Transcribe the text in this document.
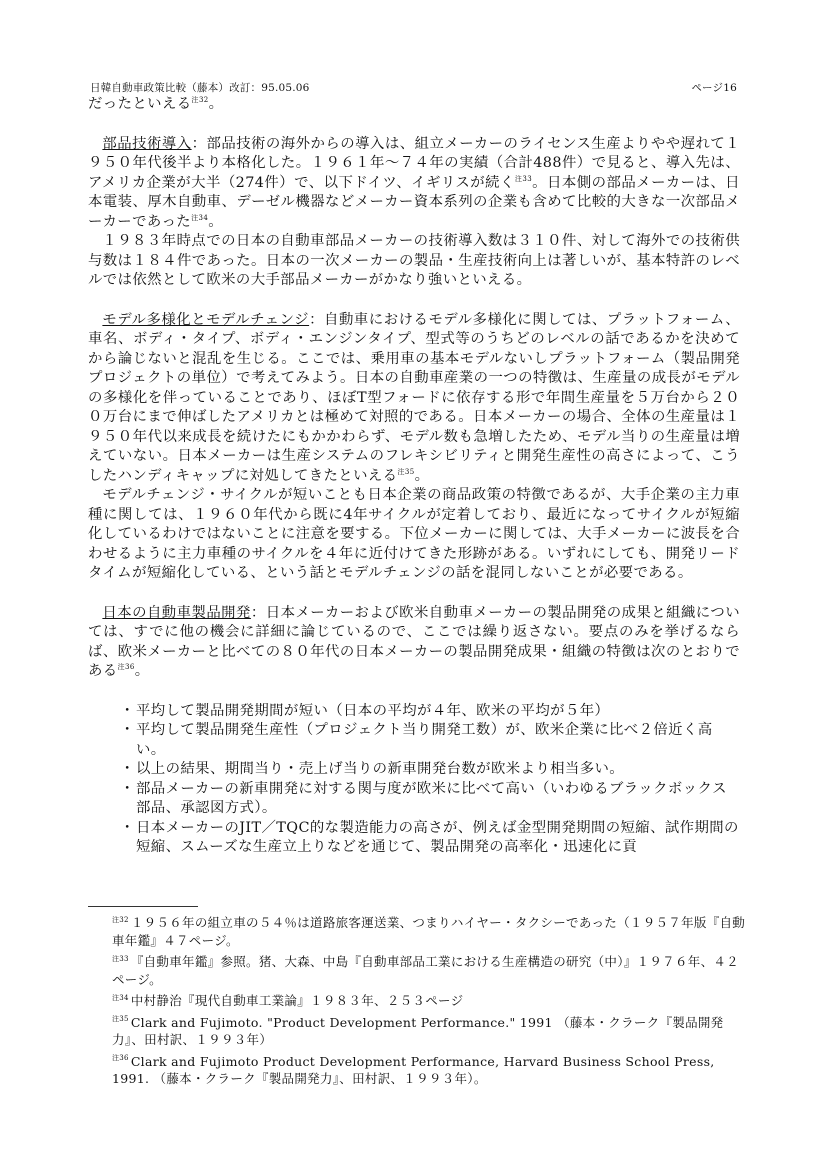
日韓自動車政策比較（藤本）改訂：95.05.06	ページ16

だったといえる$^{注32}$。

部品技術導入：部品技術の海外からの導入は、組立メーカーのライセンス生産よりやや遅れて１９５０年代後半より本格化した。１９６１年〜７４年の実績（合計488件）で見ると、導入先は、アメリカ企業が大半（274件）で、以下ドイツ、イギリスが続く$^{注33}$。日本側の部品メーカーは、日本電装、厚木自動車、デーゼル機器などメーカー資本系列の企業も含めて比較的大きな一次部品メーカーであった$^{注34}$。

１９８３年時点での日本の自動車部品メーカーの技術導入数は３１０件、対して海外での技術供与数は１８４件であった。日本の一次メーカーの製品・生産技術向上は著しいが、基本特許のレベルでは依然として欧米の大手部品メーカーがかなり強いといえる。

モデル多様化とモデルチェンジ：自動車におけるモデル多様化に関しては、プラットフォーム、車名、ボディ・タイプ、ボディ・エンジンタイプ、型式等のうちどのレベルの話であるかを決めてから論じないと混乱を生じる。ここでは、乗用車の基本モデルないしプラットフォーム（製品開発プロジェクトの単位）で考えてみよう。日本の自動車産業の一つの特徴は、生産量の成長がモデルの多様化を伴っていることであり、ほぼT型フォードに依存する形で年間生産量を５万台から２００万台にまで伸ばしたアメリカとは極めて対照的である。日本メーカーの場合、全体の生産量は１９５０年代以来成長を続けたにもかかわらず、モデル数も急増したため、モデル当りの生産量は増えていない。日本メーカーは生産システムのフレキシビリティと開発生産性の高さによって、こうしたハンディキャップに対処してきたといえる$^{注35}$。

モデルチェンジ・サイクルが短いことも日本企業の商品政策の特徴であるが、大手企業の主力車種に関しては、１９６０年代から既に4年サイクルが定着しており、最近になってサイクルが短縮化しているわけではないことに注意を要する。下位メーカーに関しては、大手メーカーに波長を合わせるように主力車種のサイクルを４年に近付けてきた形跡がある。いずれにしても、開発リードタイムが短縮化している、という話とモデルチェンジの話を混同しないことが必要である。

日本の自動車製品開発：日本メーカーおよび欧米自動車メーカーの製品開発の成果と組織については、すでに他の機会に詳細に論じているので、ここでは繰り返さない。要点のみを挙げるならば、欧米メーカーと比べての８０年代の日本メーカーの製品開発成果・組織の特徴は次のとおりである$^{注36}$。

・ 平均して製品開発期間が短い（日本の平均が４年、欧米の平均が５年）
・ 平均して製品開発生産性（プロジェクト当り開発工数）が、欧米企業に比べ２倍近く高い。
・ 以上の結果、期間当り・売上げ当りの新車開発台数が欧米より相当多い。
・ 部品メーカーの新車開発に対する関与度が欧米に比べて高い（いわゆるブラックボックス部品、承認図方式）。
・ 日本メーカーのJIT／TQC的な製造能力の高さが、例えば金型開発期間の短縮、試作期間の短縮、スムーズな生産立上りなどを通じて、製品開発の高率化・迅速化に貢
$^{注32}$ １９５６年の組立車の５４％は道路旅客運送業、つまりハイヤー・タクシーであった（１９５７年版『自動車年鑑』４７ページ。
$^{注33}$ 『自動車年鑑』参照。猪、大森、中島『自動車部品工業における生産構造の研究（中）』１９７６年、４２ページ。
$^{注34}$ 中村静治『現代自動車工業論』１９８３年、２５３ページ
$^{注35}$ Clark and Fujimoto. "Product Development Performance." 1991 （藤本・クラーク『製品開発力』、田村訳、１９９３年）
$^{注36}$ Clark and Fujimoto Product Development Performance, Harvard Business School Press, 1991. （藤本・クラーク『製品開発力』、田村訳、１９９３年）。
